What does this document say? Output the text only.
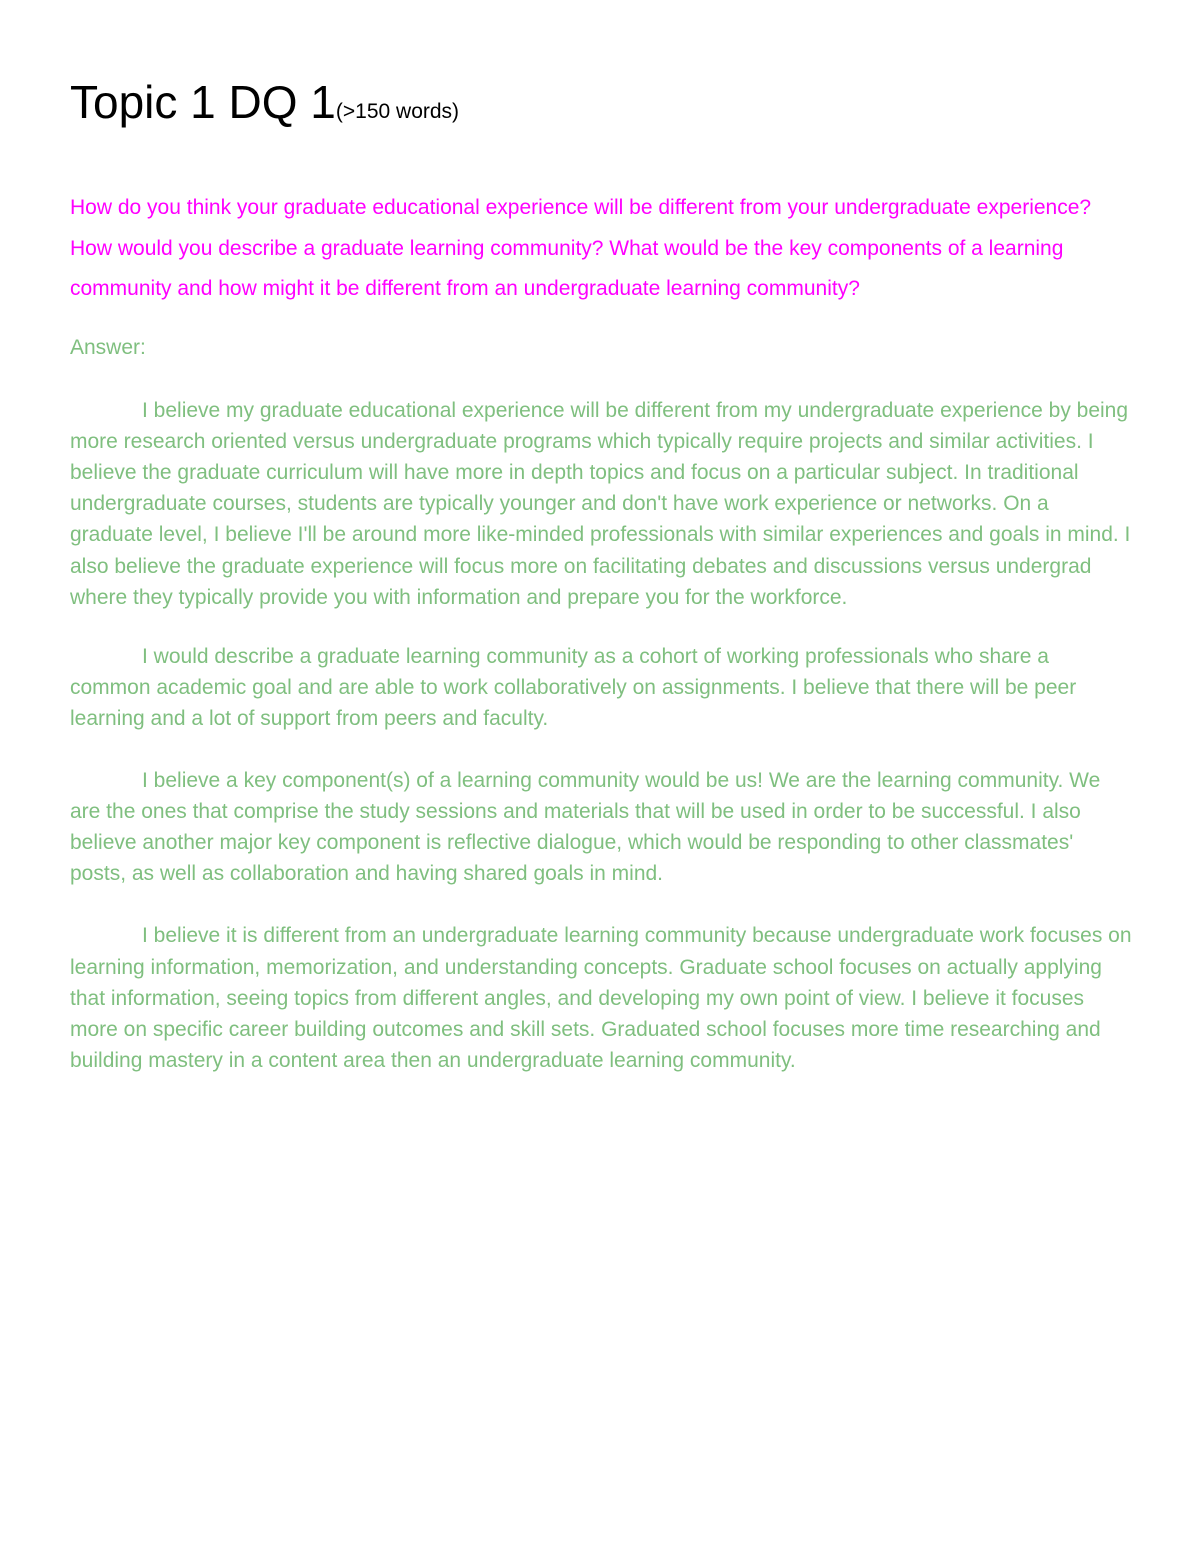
Topic 1 DQ 1(>150 words)

How do you think your graduate educational experience will be different from your undergraduate experience? How would you describe a graduate learning community? What would be the key components of a learning community and how might it be different from an undergraduate learning community?

Answer:

I believe my graduate educational experience will be different from my undergraduate experience by being more research oriented versus undergraduate programs which typically require projects and similar activities. I believe the graduate curriculum will have more in depth topics and focus on a particular subject. In traditional undergraduate courses, students are typically younger and don't have work experience or networks. On a graduate level, I believe I'll be around more like-minded professionals with similar experiences and goals in mind. I also believe the graduate experience will focus more on facilitating debates and discussions versus undergrad where they typically provide you with information and prepare you for the workforce.

I would describe a graduate learning community as a cohort of working professionals who share a common academic goal and are able to work collaboratively on assignments. I believe that there will be peer learning and a lot of support from peers and faculty.

I believe a key component(s) of a learning community would be us! We are the learning community. We are the ones that comprise the study sessions and materials that will be used in order to be successful. I also believe another major key component is reflective dialogue, which would be responding to other classmates' posts, as well as collaboration and having shared goals in mind.

I believe it is different from an undergraduate learning community because undergraduate work focuses on learning information, memorization, and understanding concepts. Graduate school focuses on actually applying that information, seeing topics from different angles, and developing my own point of view. I believe it focuses more on specific career building outcomes and skill sets. Graduated school focuses more time researching and building mastery in a content area then an undergraduate learning community.
